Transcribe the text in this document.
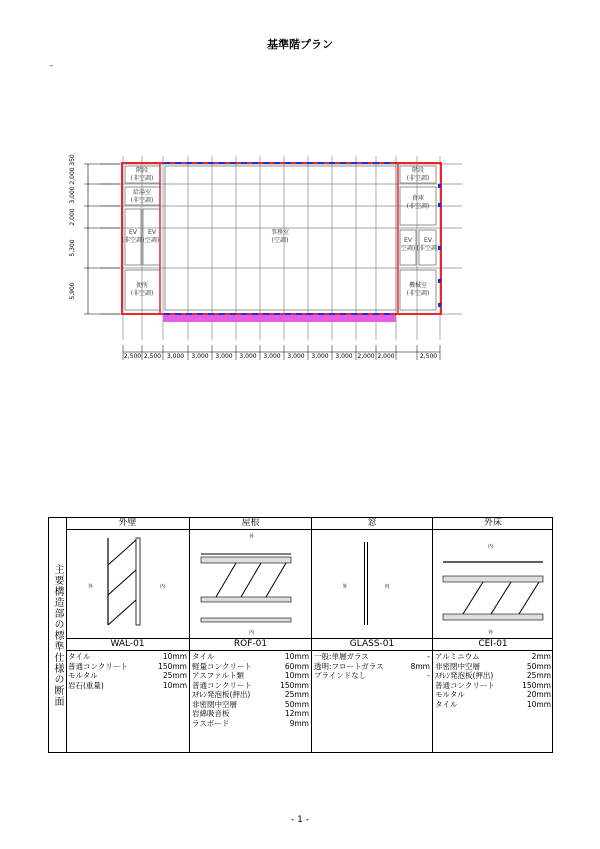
基準階プラン
-
階段
(非空調)
給湯室
(非空調)
EV
(非空調)
EV
空調)
便所
(非空調)
事務室
(空調)
階段
(非空調)
倉庫
(非空調)
EV
空調)
EV
(非空調)
機械室
(非空調)
350
2,000
3,000
2,000
5,300
5,900
2,500 2,500 3,000 3,000 3,000 3,000 3,000 3,000 3,000 3,000 2,000 2,000	2,500
主要構造部の標準仕様の断面
外壁
外	内
WAL-01
タイル	10mm
普通コンクリート	150mm
モルタル	25mm
岩石(重量)	10mm
屋根
外
内
ROF-01
タイル	10mm
軽量コンクリート	60mm
アスファルト類	10mm
普通コンクリート	150mm
ｽﾁﾚﾝ発泡板(押出)	25mm
非密閉中空層	50mm
岩綿吸音板	12mm
ラスボード	9mm
窓
外	内
GLASS-01
一般:単層ガラス	-
透明:フロートガラス	8mm
ブラインドなし	-
外床
内
外
CEI-01
アルミニウム	2mm
非密閉中空層	50mm
ｽﾁﾚﾝ発泡板(押出)	25mm
普通コンクリート	150mm
モルタル	20mm
タイル	10mm
- 1 -
